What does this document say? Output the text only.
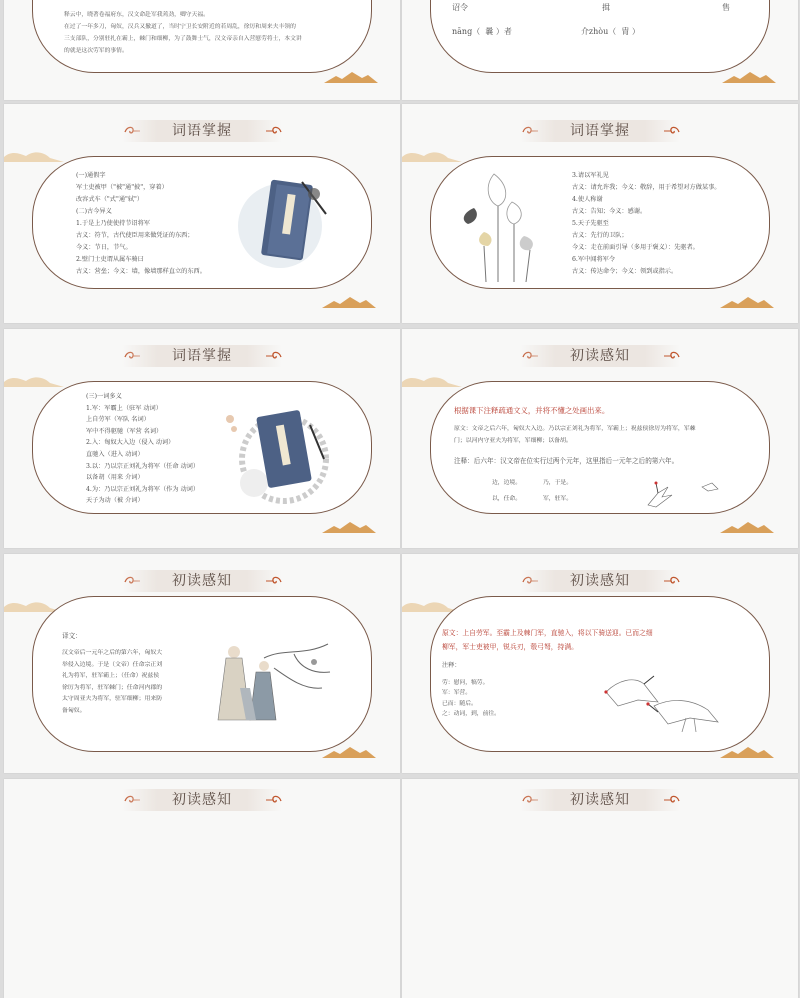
释云中，晓著卷福府东，汉文命赴军我蔫劲，卿守天福。
在过了一年多刀，匈奴，汉兵又撤道了，当时宁卫长安附近的若周乱，徐厉和周来夫丰领的
三支部队，分别驻扎在霸上，棘门和细柳，为了鼓舞士气，汉文帝亲自入营慰劳将士，本文讲
的就是这次劳军的事情。
诏令	揖	售
nāng（ 曩 ）者	介zhòu（ 胄 ）
词语掌握
(一)通假字
军士吏被甲（"被"通"披"，穿着）
改容式车（"式"通"轼"）
(二)古今异义
1.于是上乃使使持节诏将军
古义：符节，古代使臣用来做凭证的东西；
今义：节日，节气。
2.壁门士吏谓从属车骑曰
古义：营垒；今义：墙，像墙那样直立的东西。
词语掌握
3.请以军礼见
古义：请允许我；今义：敬辞，用于希望对方做某事。
4.使人称谢
古义：告知；今义：感谢。
5.天子先驱至
古义：先行的卫队；
今义：走在前面引导（多用于褒义）：先驱者。
6.军中闻将军令
古义：传达命令；今义：领到或指示。
词语掌握
(三)一词多义
1.军：军霸上（驻军 动词）
上自劳军（军队 名词）
军中不得驱驰（军营 名词）
2.入：匈奴大入边（侵入 动词）
直驰入（进入 动词）
3.以：乃以宗正刘礼为将军（任命 动词）
以备胡（用来 介词）
4.为：乃以宗正刘礼为将军（作为 动词）
天子为动（被 介词）
初读感知
根据课下注释疏通文义，并将不懂之处画出来。
原文：文帝之后六年，匈奴大入边。乃以宗正刘礼为将军，军霸上；祝兹侯徐厉为将军，军棘
门；以河内守亚夫为将军，军细柳；以备胡。
注释：后六年：汉文帝在位实行过两个元年，这里指后一元年之后的第六年。
边，边境。	乃，于是。
以，任命。	军，驻军。
初读感知
译文：
汉文帝后一元年之后的第六年，匈奴大
举侵入边境。于是（文帝）任命宗正刘
礼为将军，驻军霸上；（任命）祝兹侯
徐厉为将军，驻军棘门；任命河内郡的
太守周亚夫为将军，驻军细柳；用来防
备匈奴。
初读感知
原文：上自劳军。至霸上及棘门军，直驰入，将以下骑送迎。已而之细
柳军，军士吏被甲，锐兵刃，彀弓弩，持满。
注释：
劳：慰问，犒劳。
军：军营。
已而：随后。
之：动词，到，前往。
初读感知	初读感知
